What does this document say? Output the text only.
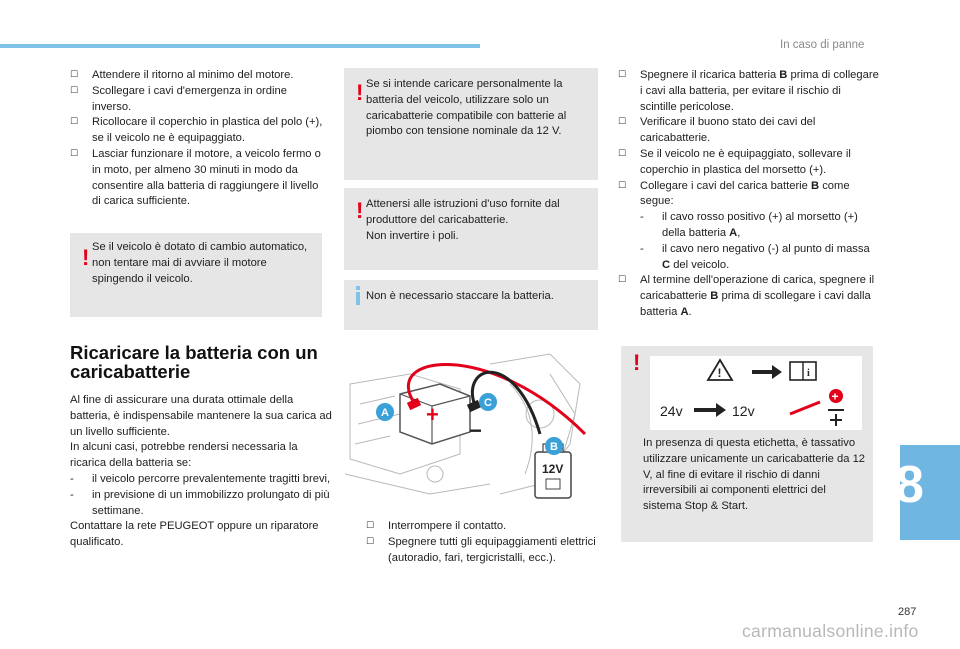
In caso di panne
8
287
carmanualsonline.info
☐ Attendere il ritorno al minimo del motore.
☐ Scollegare i cavi d'emergenza in ordine inverso.
☐ Ricollocare il coperchio in plastica del polo (+), se il veicolo ne è equipaggiato.
☐ Lasciar funzionare il motore, a veicolo fermo o in moto, per almeno 30 minuti in modo da consentire alla batteria di raggiungere il livello di carica sufficiente.
! Se il veicolo è dotato di cambio automatico, non tentare mai di avviare il motore spingendo il veicolo.
Ricaricare la batteria con un caricabatterie
Al fine di assicurare una durata ottimale della batteria, è indispensabile mantenere la sua carica ad un livello sufficiente.
In alcuni casi, potrebbe rendersi necessaria la ricarica della batteria se:
- il veicolo percorre prevalentemente tragitti brevi,
- in previsione di un immobilizzo prolungato di più settimane.
Contattare la rete PEUGEOT oppure un riparatore qualificato.
! Se si intende caricare personalmente la batteria del veicolo, utilizzare solo un caricabatterie compatibile con batterie al piombo con tensione nominale da 12 V.
! Attenersi alle istruzioni d'uso fornite dal produttore del caricabatterie.
Non invertire i poli.
Non è necessario staccare la batteria.
+
−
12V
A
C
B
☐ Interrompere il contatto.
☐ Spegnere tutti gli equipaggiamenti elettrici (autoradio, fari, tergicristalli, ecc.).
☐ Spegnere il ricarica batteria B prima di collegare i cavi alla batteria, per evitare il rischio di scintille pericolose.
☐ Verificare il buono stato dei cavi del caricabatterie.
☐ Se il veicolo ne è equipaggiato, sollevare il coperchio in plastica del morsetto (+).
☐ Collegare i cavi del carica batterie B come segue:
- il cavo rosso positivo (+) al morsetto (+) della batteria A,
- il cavo nero negativo (-) al punto di massa C del veicolo.
☐ Al termine dell'operazione di carica, spegnere il caricabatterie B prima di scollegare i cavi dalla batteria A.
!	!	i
24v	12v
+
In presenza di questa etichetta, è tassativo utilizzare unicamente un caricabatterie da 12 V, al fine di evitare il rischio di danni irreversibili ai componenti elettrici del sistema Stop & Start.
